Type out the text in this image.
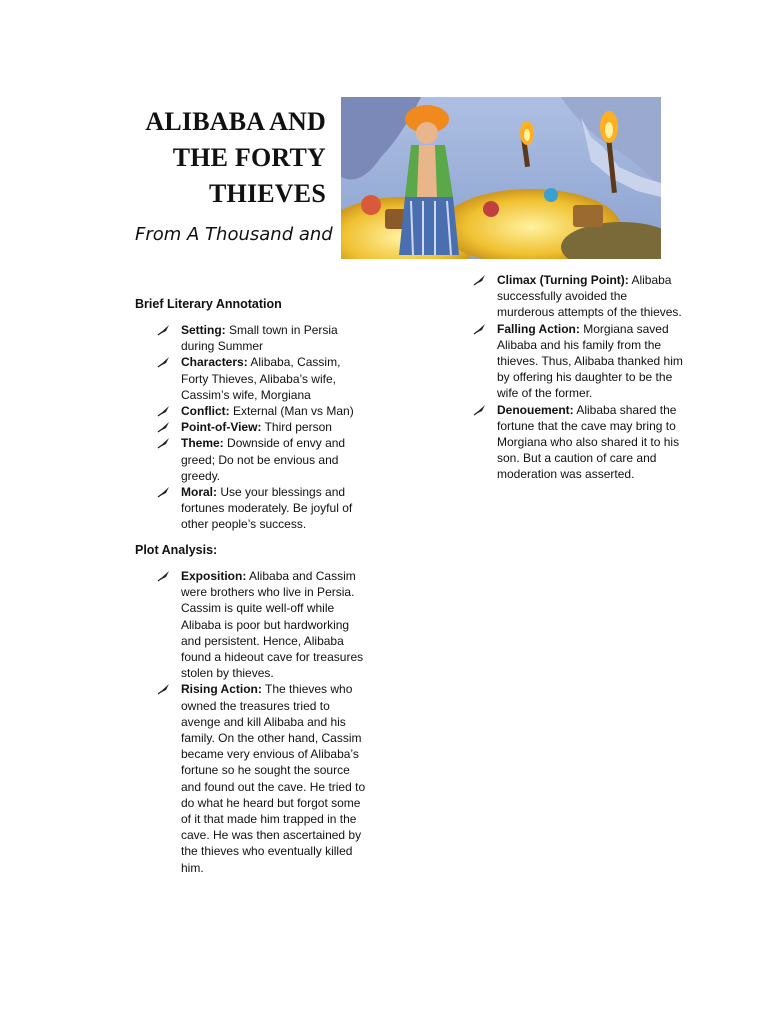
ALIBABA AND
THE FORTY
THIEVES
From A Thousand and
Brief Literary Annotation
Setting: Small town in Persia during Summer
Characters: Alibaba, Cassim, Forty Thieves, Alibaba’s wife, Cassim’s wife, Morgiana
Conflict: External (Man vs Man)
Point-of-View: Third person
Theme: Downside of envy and greed; Do not be envious and greedy.
Moral: Use your blessings and fortunes moderately. Be joyful of other people’s success.
Plot Analysis:
Exposition: Alibaba and Cassim were brothers who live in Persia. Cassim is quite well-off while Alibaba is poor but hardworking and persistent. Hence, Alibaba found a hideout cave for treasures stolen by thieves.
Rising Action: The thieves who owned the treasures tried to avenge and kill Alibaba and his family. On the other hand, Cassim became very envious of Alibaba’s fortune so he sought the source and found out the cave. He tried to do what he heard but forgot some of it that made him trapped in the cave. He was then ascertained by the thieves who eventually killed him.
Climax (Turning Point): Alibaba successfully avoided the murderous attempts of the thieves.
Falling Action: Morgiana saved Alibaba and his family from the thieves. Thus, Alibaba thanked him by offering his daughter to be the wife of the former.
Denouement: Alibaba shared the fortune that the cave may bring to Morgiana who also shared it to his son. But a caution of care and moderation was asserted.
